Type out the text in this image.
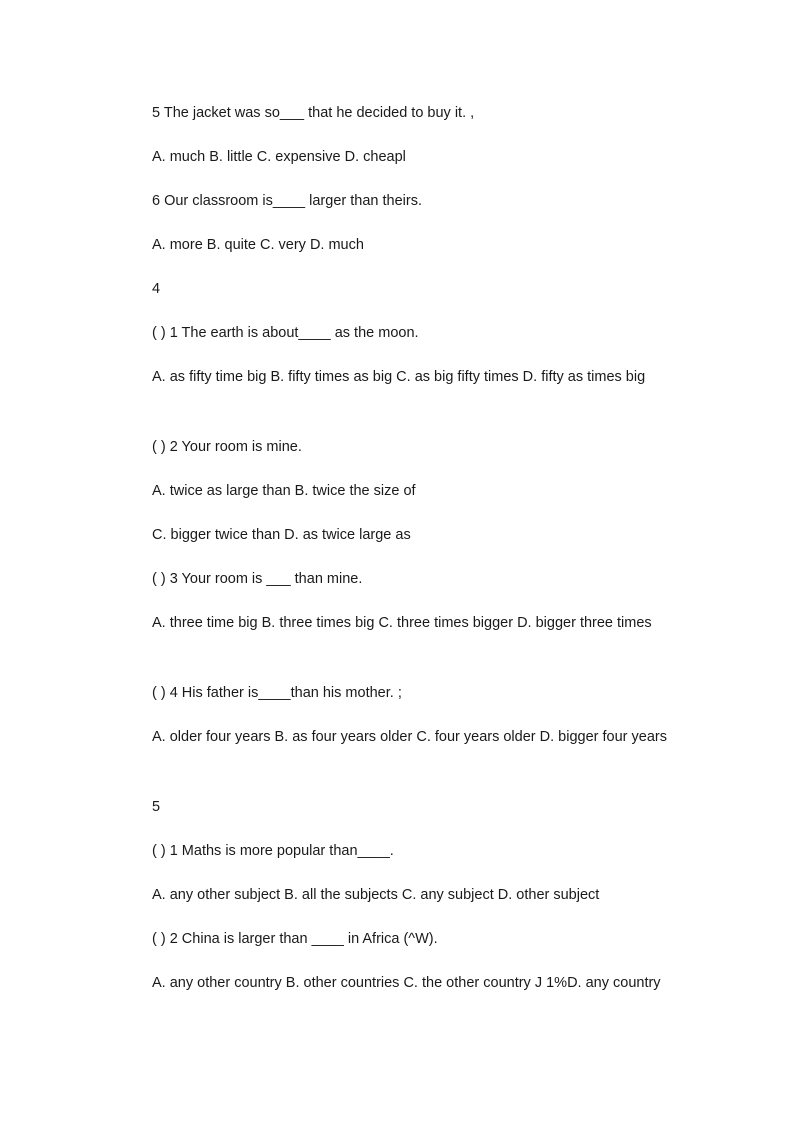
5 The jacket was so___ that he decided to buy it. ,

A. much B. little C. expensive D. cheapl

6 Our classroom is____ larger than theirs.

A. more B. quite C. very D. much

4

( ) 1 The earth is about____ as the moon.

A. as fifty time big B. fifty times as big C. as big fifty times D. fifty as times big

( ) 2 Your room is mine.

A. twice as large than B. twice the size of

C. bigger twice than D. as twice large as

( ) 3 Your room is ___ than mine.

A. three time big B. three times big C. three times bigger D. bigger three times

( ) 4 His father is____than his mother. ;

A. older four years B. as four years older C. four years older D. bigger four years

5

( ) 1 Maths is more popular than____.

A. any other subject B. all the subjects C. any subject D. other subject

( ) 2 China is larger than ____ in Africa (^W).

A. any other country B. other countries C. the other country J 1%D. any country
